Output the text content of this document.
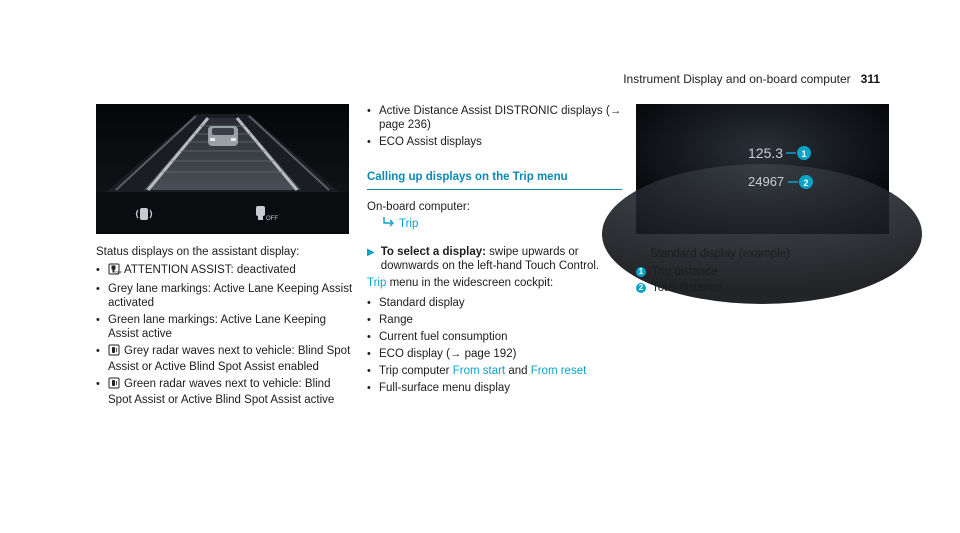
Instrument Display and on-board computer 311
OFF

Status displays on the assistant display:

• OFF ATTENTION ASSIST: deactivated
• Grey lane markings: Active Lane Keeping Assist activated
• Green lane markings: Active Lane Keeping Assist active
• Grey radar waves next to vehicle: Blind Spot Assist or Active Blind Spot Assist enabled
• Green radar waves next to vehicle: Blind Spot Assist or Active Blind Spot Assist active
• Active Distance Assist DISTRONIC displays (→ page 236)
• ECO Assist displays
Calling up displays on the Trip menu

On-board computer:

Trip
▶ To select a display: swipe upwards or downwards on the left-hand Touch Control.

Trip menu in the widescreen cockpit:

• Standard display
• Range
• Current fuel consumption
• ECO display (→ page 192)
• Trip computer From start and From reset
• Full-surface menu display
125.3 1
24967 2

Standard display (example)

1 Trip distance
2 Total distance
